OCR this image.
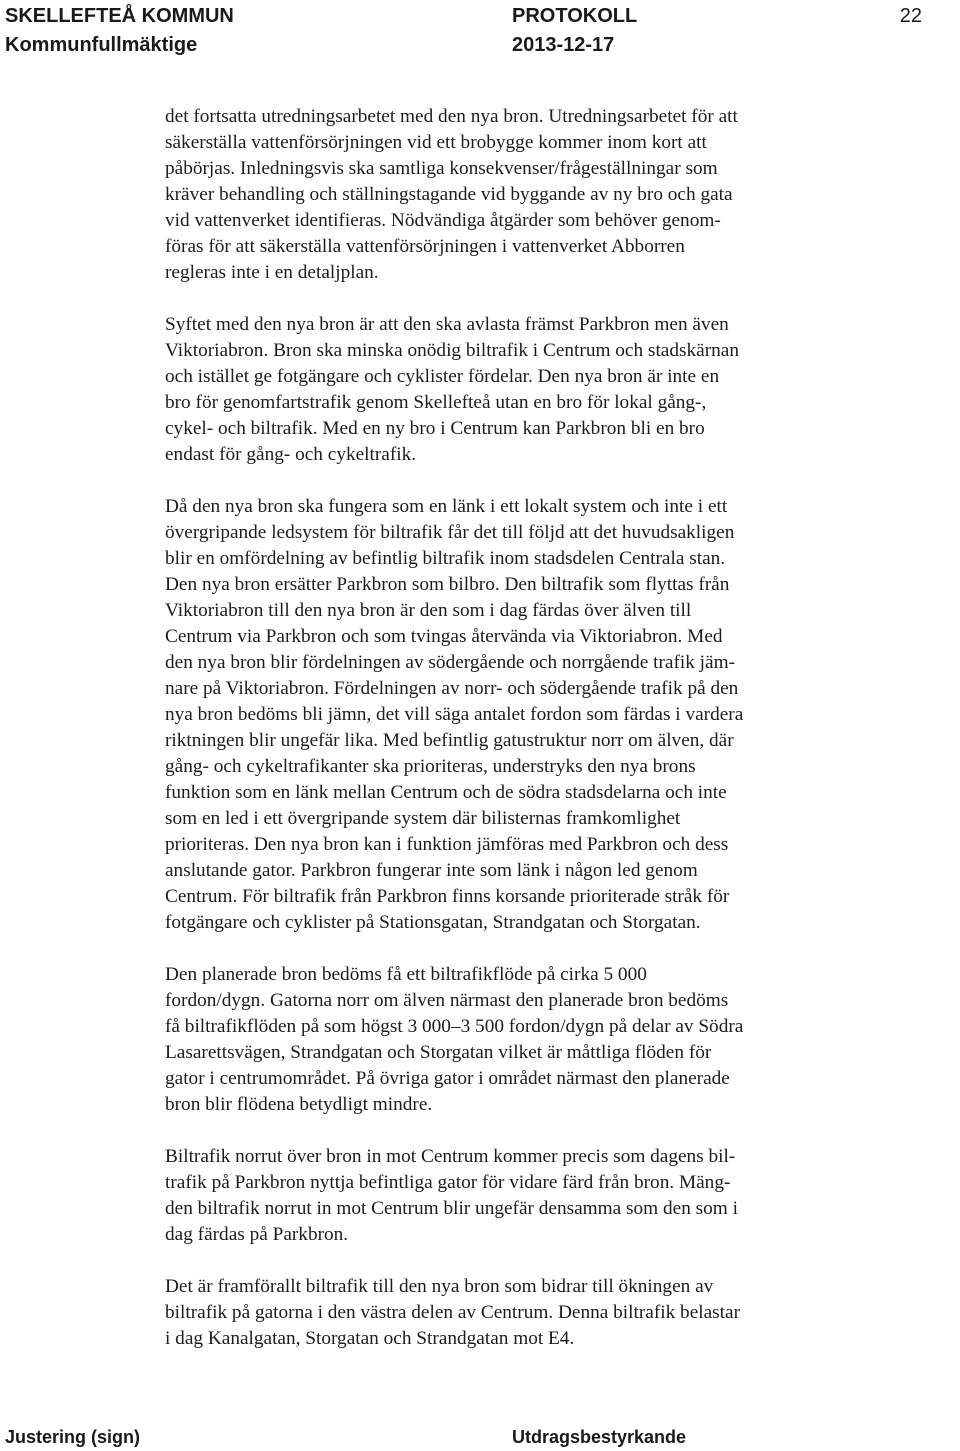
SKELLEFTEÅ KOMMUN
Kommunfullmäktige
PROTOKOLL
2013-12-17
22
det fortsatta utredningsarbetet med den nya bron. Utredningsarbetet för att
säkerställa vattenförsörjningen vid ett brobygge kommer inom kort att
påbörjas. Inledningsvis ska samtliga konsekvenser/frågeställningar som
kräver behandling och ställningstagande vid byggande av ny bro och gata
vid vattenverket identifieras. Nödvändiga åtgärder som behöver genom-
föras för att säkerställa vattenförsörjningen i vattenverket Abborren
regleras inte i en detaljplan.
Syftet med den nya bron är att den ska avlasta främst Parkbron men även
Viktoriabron. Bron ska minska onödig biltrafik i Centrum och stadskärnan
och istället ge fotgängare och cyklister fördelar. Den nya bron är inte en
bro för genomfartstrafik genom Skellefteå utan en bro för lokal gång-,
cykel- och biltrafik. Med en ny bro i Centrum kan Parkbron bli en bro
endast för gång- och cykeltrafik.
Då den nya bron ska fungera som en länk i ett lokalt system och inte i ett
övergripande ledsystem för biltrafik får det till följd att det huvudsakligen
blir en omfördelning av befintlig biltrafik inom stadsdelen Centrala stan.
Den nya bron ersätter Parkbron som bilbro. Den biltrafik som flyttas från
Viktoriabron till den nya bron är den som i dag färdas över älven till
Centrum via Parkbron och som tvingas återvända via Viktoriabron. Med
den nya bron blir fördelningen av södergående och norrgående trafik jäm-
nare på Viktoriabron. Fördelningen av norr- och södergående trafik på den
nya bron bedöms bli jämn, det vill säga antalet fordon som färdas i vardera
riktningen blir ungefär lika. Med befintlig gatustruktur norr om älven, där
gång- och cykeltrafikanter ska prioriteras, understryks den nya brons
funktion som en länk mellan Centrum och de södra stadsdelarna och inte
som en led i ett övergripande system där bilisternas framkomlighet
prioriteras. Den nya bron kan i funktion jämföras med Parkbron och dess
anslutande gator. Parkbron fungerar inte som länk i någon led genom
Centrum. För biltrafik från Parkbron finns korsande prioriterade stråk för
fotgängare och cyklister på Stationsgatan, Strandgatan och Storgatan.
Den planerade bron bedöms få ett biltrafikflöde på cirka 5 000
fordon/dygn. Gatorna norr om älven närmast den planerade bron bedöms
få biltrafikflöden på som högst 3 000–3 500 fordon/dygn på delar av Södra
Lasarettsvägen, Strandgatan och Storgatan vilket är måttliga flöden för
gator i centrumområdet. På övriga gator i området närmast den planerade
bron blir flödena betydligt mindre.
Biltrafik norrut över bron in mot Centrum kommer precis som dagens bil-
trafik på Parkbron nyttja befintliga gator för vidare färd från bron. Mäng-
den biltrafik norrut in mot Centrum blir ungefär densamma som den som i
dag färdas på Parkbron.
Det är framförallt biltrafik till den nya bron som bidrar till ökningen av
biltrafik på gatorna i den västra delen av Centrum. Denna biltrafik belastar
i dag Kanalgatan, Storgatan och Strandgatan mot E4.
Justering (sign)	Utdragsbestyrkande
